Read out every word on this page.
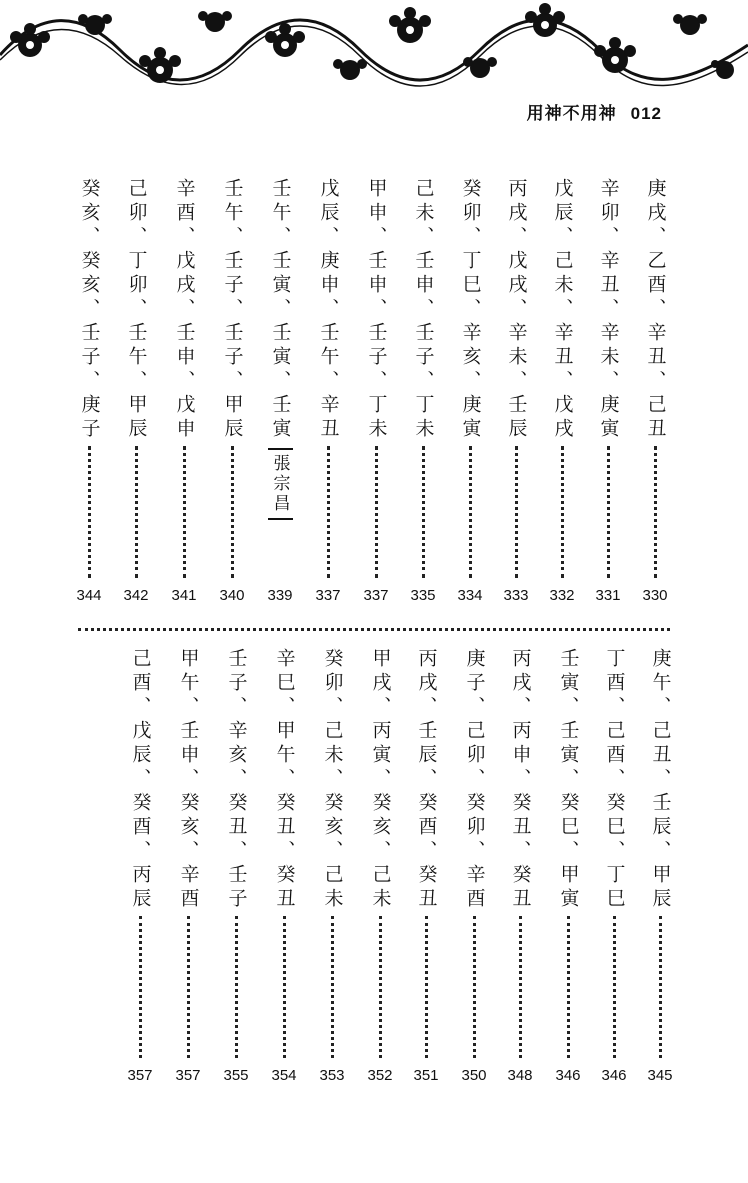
用神不用神 012
庚戌、乙酉、辛丑、己丑
330
辛卯、辛丑、辛未、庚寅
331
戊辰、己未、辛丑、戊戌
332
丙戌、戊戌、辛未、壬辰
333
癸卯、丁巳、辛亥、庚寅
334
己未、壬申、壬子、丁未
335
甲申、壬申、壬子、丁未
337
戊辰、庚申、壬午、辛丑
337
壬午、壬寅、壬寅、壬寅
張宗昌
339
壬午、壬子、壬子、甲辰
340
辛酉、戊戌、壬申、戊申
341
己卯、丁卯、壬午、甲辰
342
癸亥、癸亥、壬子、庚子
344
庚午、己丑、壬辰、甲辰
345
丁酉、己酉、癸巳、丁巳
346
壬寅、壬寅、癸巳、甲寅
346
丙戌、丙申、癸丑、癸丑
348
庚子、己卯、癸卯、辛酉
350
丙戌、壬辰、癸酉、癸丑
351
甲戌、丙寅、癸亥、己未
352
癸卯、己未、癸亥、己未
353
辛巳、甲午、癸丑、癸丑
354
壬子、辛亥、癸丑、壬子
355
甲午、壬申、癸亥、辛酉
357
己酉、戊辰、癸酉、丙辰
357
